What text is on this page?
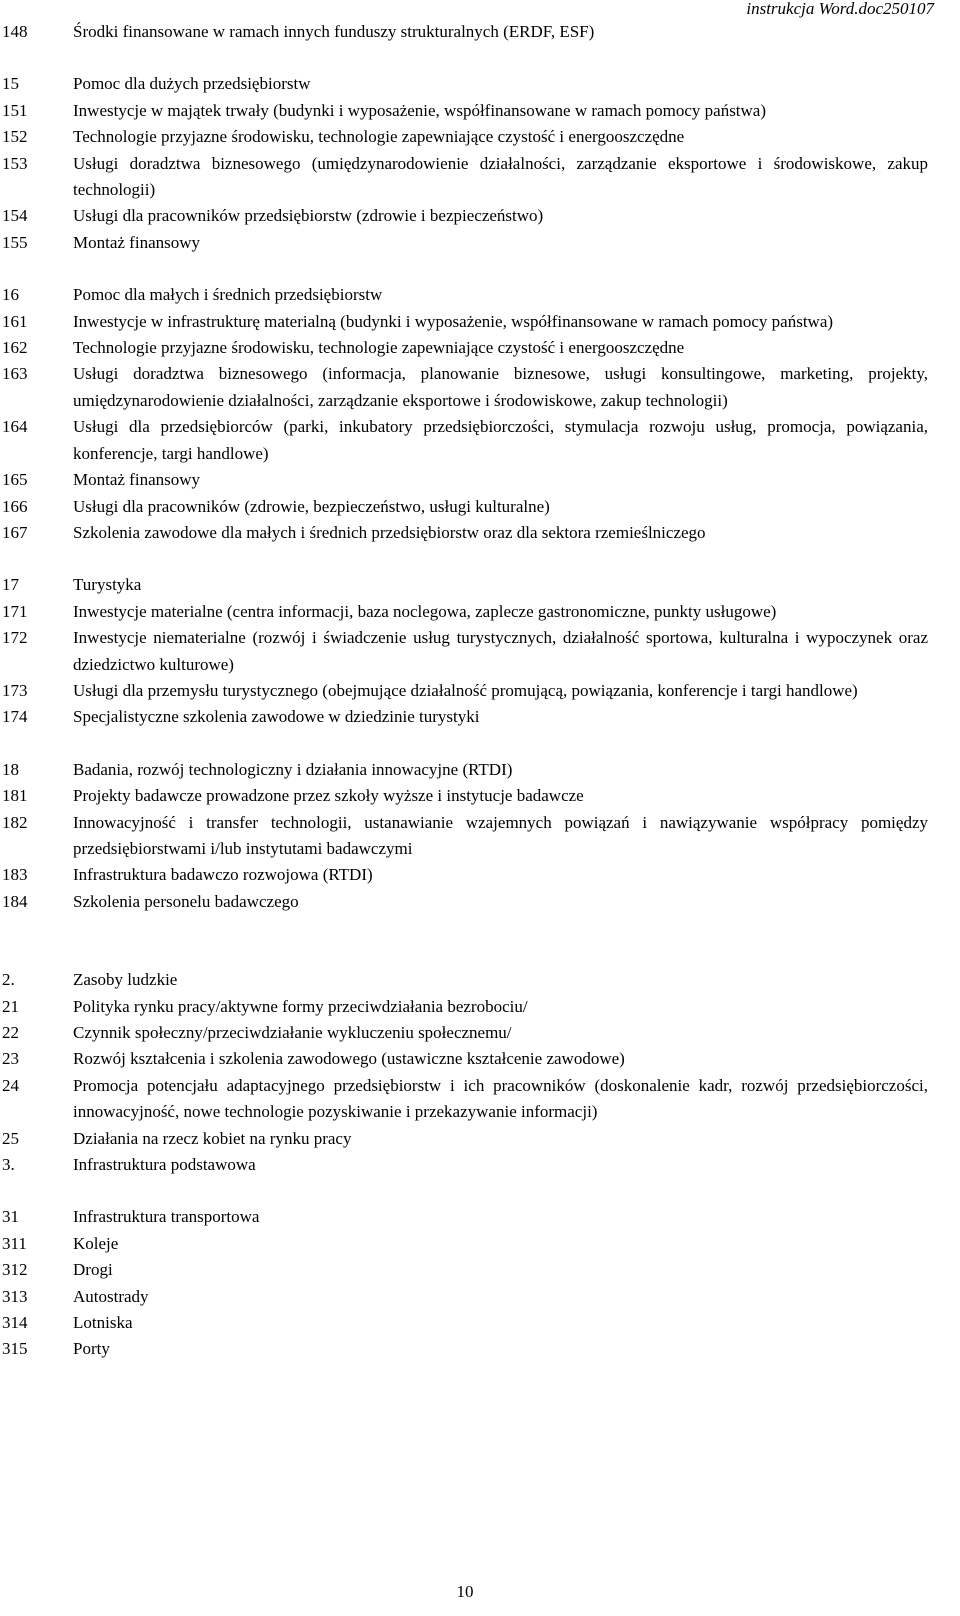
instrukcja Word.doc250107
148	Środki finansowane w ramach innych funduszy strukturalnych (ERDF, ESF)
15	Pomoc dla dużych przedsiębiorstw
151	Inwestycje w majątek trwały (budynki i wyposażenie, współfinansowane w ramach pomocy państwa)
152	Technologie przyjazne środowisku, technologie zapewniające czystość i energooszczędne
153	Usługi doradztwa biznesowego (umiędzynarodowienie działalności, zarządzanie eksportowe i środowiskowe, zakup technologii)
154	Usługi dla pracowników przedsiębiorstw (zdrowie i bezpieczeństwo)
155	Montaż finansowy
16	Pomoc dla małych i średnich przedsiębiorstw
161	Inwestycje w infrastrukturę materialną (budynki i wyposażenie, współfinansowane w ramach pomocy państwa)
162	Technologie przyjazne środowisku, technologie zapewniające czystość i energooszczędne
163	Usługi doradztwa biznesowego (informacja, planowanie biznesowe, usługi konsultingowe, marketing, projekty, umiędzynarodowienie działalności, zarządzanie eksportowe i środowiskowe, zakup technologii)
164	Usługi dla przedsiębiorców (parki, inkubatory przedsiębiorczości, stymulacja rozwoju usług, promocja, powiązania, konferencje, targi handlowe)
165	Montaż finansowy
166	Usługi dla pracowników (zdrowie, bezpieczeństwo, usługi kulturalne)
167	Szkolenia zawodowe dla małych i średnich przedsiębiorstw oraz dla sektora rzemieślniczego
17	Turystyka
171	Inwestycje materialne (centra informacji, baza noclegowa, zaplecze gastronomiczne, punkty usługowe)
172	Inwestycje niematerialne (rozwój i świadczenie usług turystycznych, działalność sportowa, kulturalna i wypoczynek oraz dziedzictwo kulturowe)
173	Usługi dla przemysłu turystycznego (obejmujące działalność promującą, powiązania, konferencje i targi handlowe)
174	Specjalistyczne szkolenia zawodowe w dziedzinie turystyki
18	Badania, rozwój technologiczny i działania innowacyjne (RTDI)
181	Projekty badawcze prowadzone przez szkoły wyższe i instytucje badawcze
182	Innowacyjność i transfer technologii, ustanawianie wzajemnych powiązań i nawiązywanie współpracy pomiędzy przedsiębiorstwami i/lub instytutami badawczymi
183	Infrastruktura badawczo rozwojowa (RTDI)
184	Szkolenia personelu badawczego
2.	Zasoby ludzkie
21	Polityka rynku pracy/aktywne formy przeciwdziałania bezrobociu/
22	Czynnik społeczny/przeciwdziałanie wykluczeniu społecznemu/
23	Rozwój kształcenia i szkolenia zawodowego (ustawiczne kształcenie zawodowe)
24	Promocja potencjału adaptacyjnego przedsiębiorstw i ich pracowników (doskonalenie kadr, rozwój przedsiębiorczości, innowacyjność, nowe technologie pozyskiwanie i przekazywanie informacji)
25	Działania na rzecz kobiet na rynku pracy
3.	Infrastruktura podstawowa
31	Infrastruktura transportowa
311	Koleje
312	Drogi
313	Autostrady
314	Lotniska
315	Porty
10
